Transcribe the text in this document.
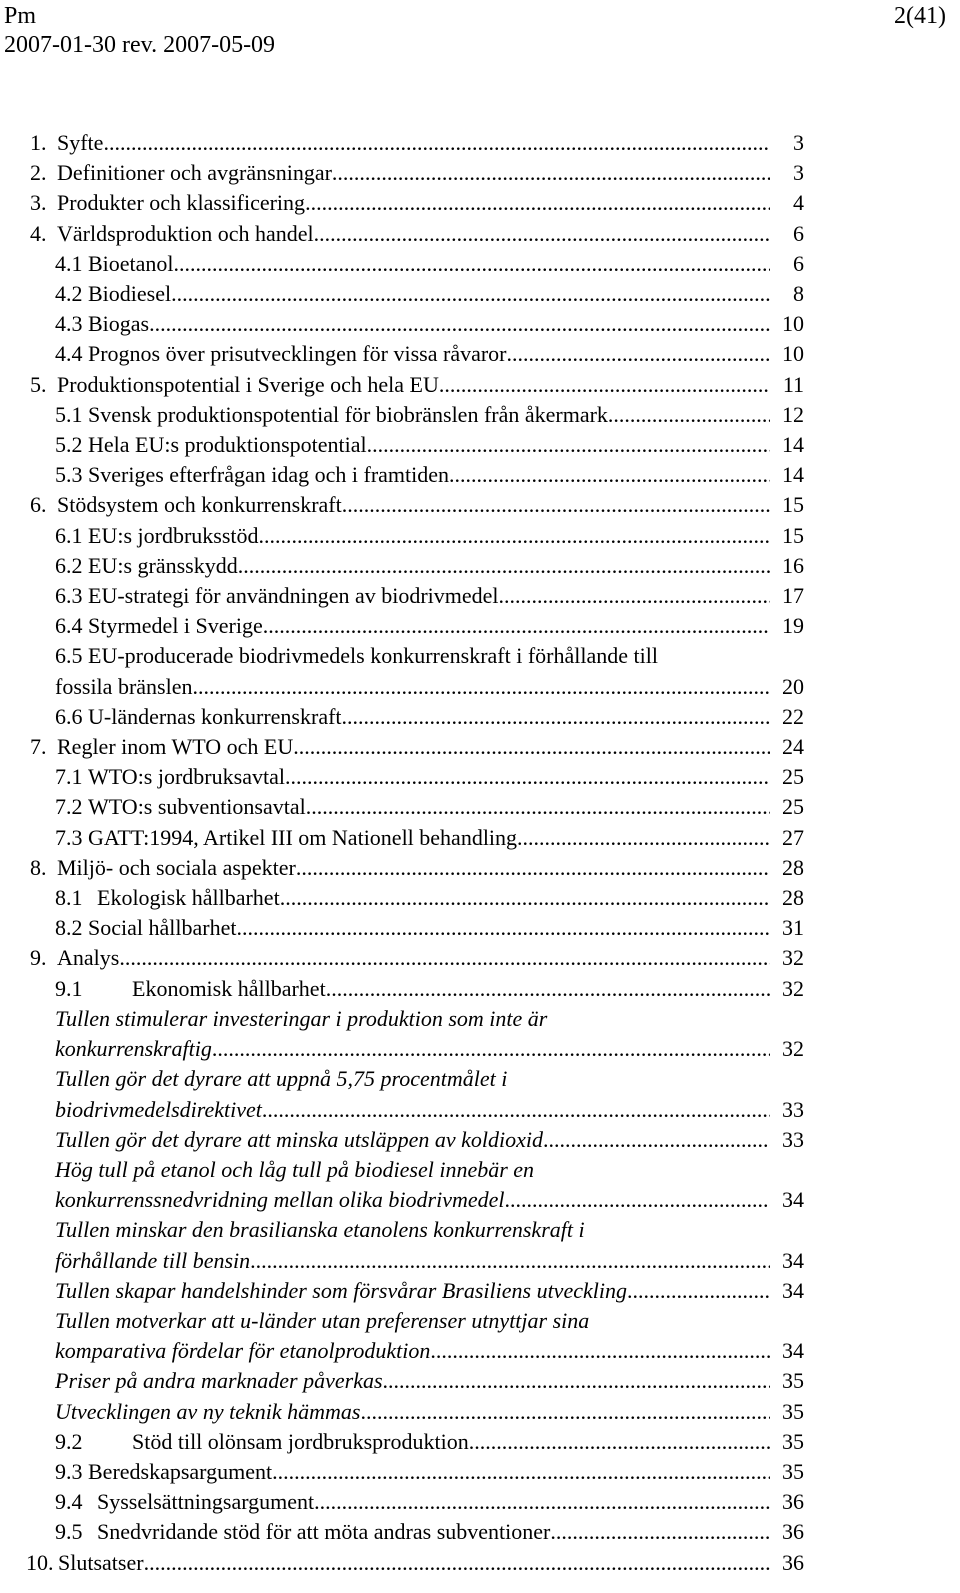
Pm	2(41)
2007-01-30 rev. 2007-05-09
1. Syfte .....	3
2. Definitioner och avgränsningar .....	3
3. Produkter och klassificering .....	4
4. Världsproduktion och handel .....	6
4.1 Bioetanol .....	6
4.2 Biodiesel .....	8
4.3 Biogas .....	10
4.4 Prognos över prisutvecklingen för vissa råvaror .....	10
5. Produktionspotential i Sverige och hela EU .....	11
5.1 Svensk produktionspotential för biobränslen från åkermark .....	12
5.2 Hela EU:s produktionspotential .....	14
5.3 Sveriges efterfrågan idag och i framtiden .....	14
6. Stödsystem och konkurrenskraft .....	15
6.1 EU:s jordbruksstöd .....	15
6.2 EU:s gränsskydd .....	16
6.3 EU-strategi för användningen av biodrivmedel .....	17
6.4 Styrmedel i Sverige .....	19
6.5 EU-producerade biodrivmedels konkurrenskraft i förhållande till
fossila bränslen .....	20
6.6 U-ländernas konkurrenskraft .....	22
7. Regler inom WTO och EU .....	24
7.1 WTO:s jordbruksavtal .....	25
7.2 WTO:s subventionsavtal .....	25
7.3 GATT:1994, Artikel III om Nationell behandling .....	27
8. Miljö- och sociala aspekter .....	28
8.1 Ekologisk hållbarhet .....	28
8.2 Social hållbarhet .....	31
9. Analys .....	32
9.1	Ekonomisk hållbarhet .....	32
Tullen stimulerar investeringar i produktion som inte är
konkurrenskraftig .....	32
Tullen gör det dyrare att uppnå 5,75 procentmålet i
biodrivmedelsdirektivet .....	33
Tullen gör det dyrare att minska utsläppen av koldioxid .....	33
Hög tull på etanol och låg tull på biodiesel innebär en
konkurrenssnedvridning mellan olika biodrivmedel .....	34
Tullen minskar den brasilianska etanolens konkurrenskraft i
förhållande till bensin .....	34
Tullen skapar handelshinder som försvårar Brasiliens utveckling .....	34
Tullen motverkar att u-länder utan preferenser utnyttjar sina
komparativa fördelar för etanolproduktion .....	34
Priser på andra marknader påverkas .....	35
Utvecklingen av ny teknik hämmas .....	35
9.2	Stöd till olönsam jordbruksproduktion .....	35
9.3 Beredskapsargument .....	35
9.4 Sysselsättningsargument .....	36
9.5 Snedvridande stöd för att möta andras subventioner .....	36
10. Slutsatser .....	36
